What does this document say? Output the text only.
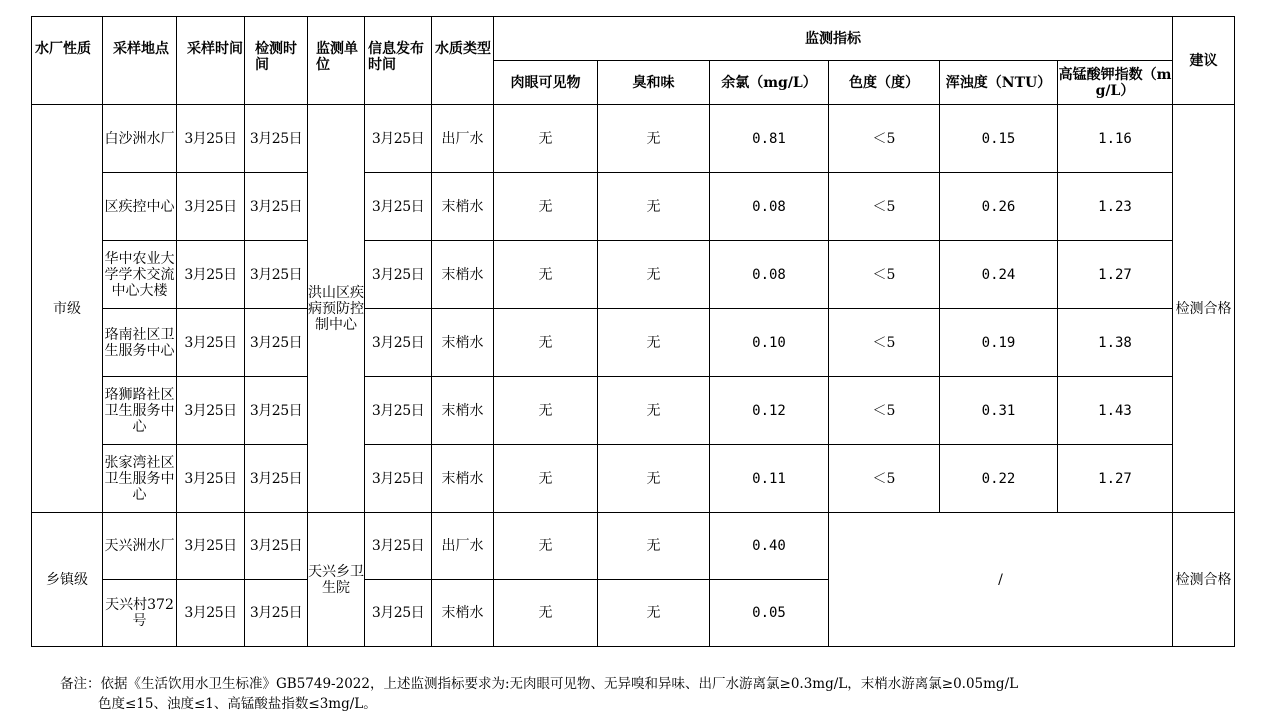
水厂性质	采样地点	采样时间	检测时间	监测单位	信息发布时间	水质类型	监测指标						建议
							肉眼可见物	臭和味	余氯（mg/L）	色度（度）	浑浊度（NTU）	高锰酸钾指数（mg/L）	
市级	白沙洲水厂	3月25日	3月25日	洪山区疾病预防控制中心	3月25日	出厂水	无	无	0.81	＜5	0.15	1.16	检测合格
	区疾控中心	3月25日	3月25日		3月25日	末梢水	无	无	0.08	＜5	0.26	1.23	
	华中农业大学学术交流中心大楼	3月25日	3月25日		3月25日	末梢水	无	无	0.08	＜5	0.24	1.27	
	珞南社区卫生服务中心	3月25日	3月25日		3月25日	末梢水	无	无	0.10	＜5	0.19	1.38	
	珞狮路社区卫生服务中心	3月25日	3月25日		3月25日	末梢水	无	无	0.12	＜5	0.31	1.43	
	张家湾社区卫生服务中心	3月25日	3月25日		3月25日	末梢水	无	无	0.11	＜5	0.22	1.27	
乡镇级	天兴洲水厂	3月25日	3月25日	天兴乡卫生院	3月25日	出厂水	无	无	0.40	/			检测合格
	天兴村372号	3月25日	3月25日		3月25日	末梢水	无	无	0.05				
备注：依据《生活饮用水卫生标准》GB5749-2022，上述监测指标要求为:无肉眼可见物、无异嗅和异味、出厂水游离氯≥0.3mg/L，末梢水游离氯≥0.05mg/L
色度≤15、浊度≤1、高锰酸盐指数≤3mg/L。
